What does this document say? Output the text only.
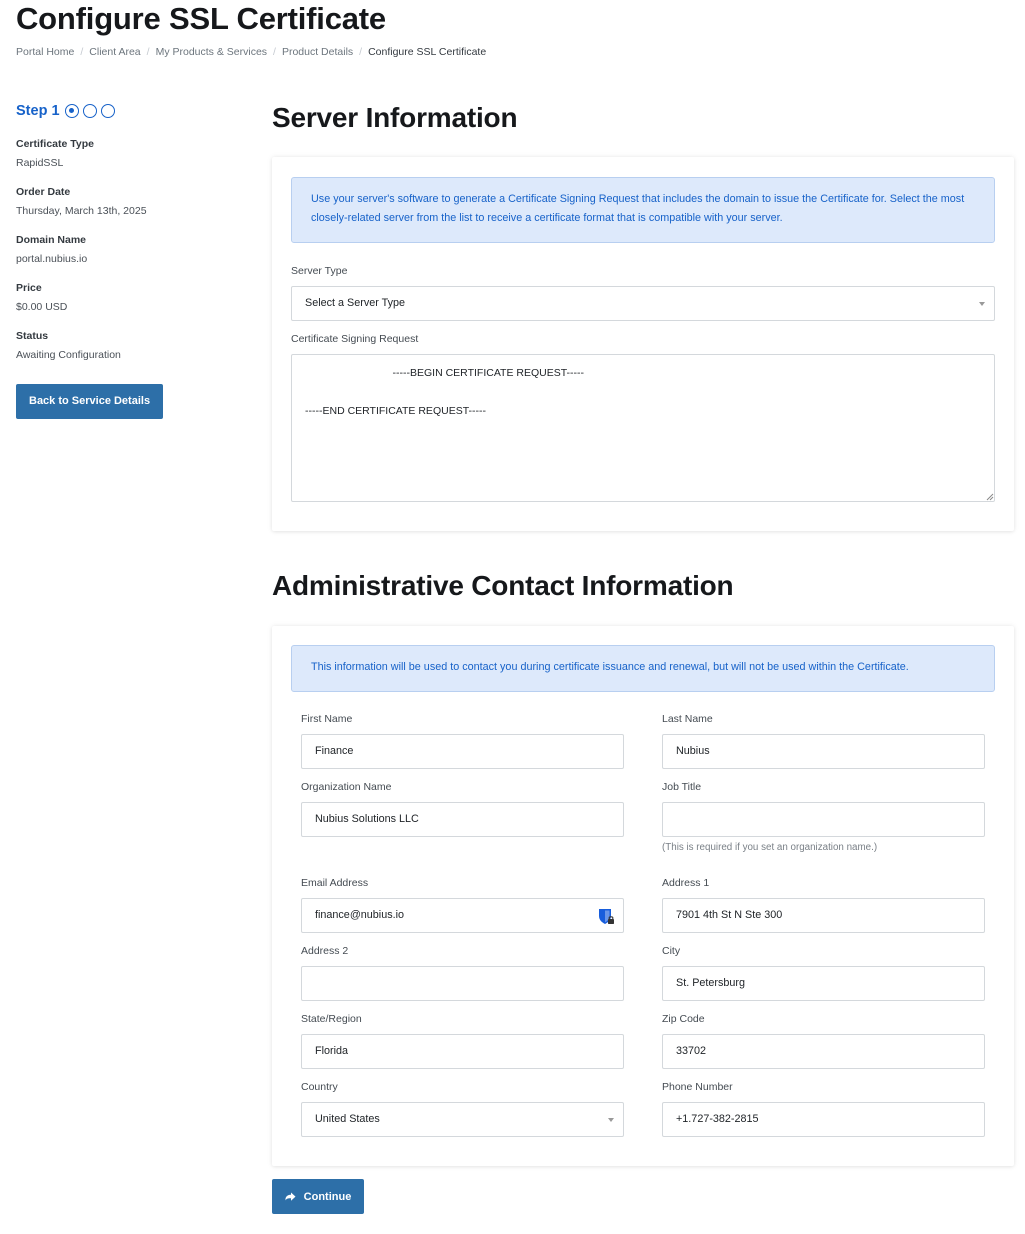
Configure SSL Certificate
Portal Home / Client Area / My Products & Services / Product Details / Configure SSL Certificate
Step 1
Certificate Type
RapidSSL
Order Date
Thursday, March 13th, 2025
Domain Name
portal.nubius.io
Price
$0.00 USD
Status
Awaiting Configuration
Back to Service Details
Server Information
Use your server's software to generate a Certificate Signing Request that includes the domain to issue the Certificate for. Select the most closely-related server from the list to receive a certificate format that is compatible with your server.
Server Type
Select a Server Type
Certificate Signing Request
-----BEGIN CERTIFICATE REQUEST-----

-----END CERTIFICATE REQUEST-----
Administrative Contact Information
This information will be used to contact you during certificate issuance and renewal, but will not be used within the Certificate.
First Name
Finance
Last Name
Nubius
Organization Name
Nubius Solutions LLC
Job Title
(This is required if you set an organization name.)
Email Address
finance@nubius.io
Address 1
7901 4th St N Ste 300
Address 2	City
St. Petersburg
State/Region
Florida
Zip Code
33702
Country
United States
Phone Number
+1.727-382-2815
Continue
